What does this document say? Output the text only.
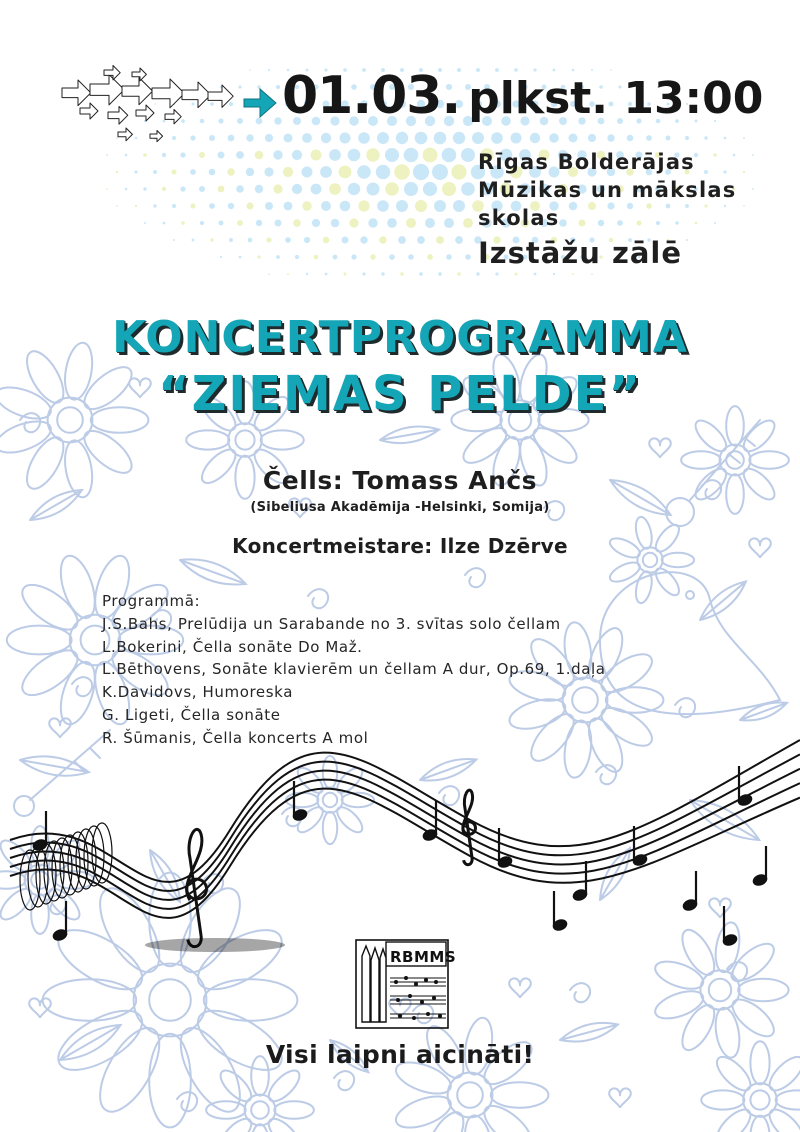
01.03. plkst. 13:00
Rīgas Bolderājas
Mūzikas un mākslas
skolas
Izstāžu zālē
KONCERTPROGRAMMA
“ZIEMAS PELDE”
Čells: Tomass Ančs
(Sibeliusa Akadēmija -Helsinki, Somija)
Koncertmeistare: Ilze Dzērve
Programmā:
J.S.Bahs, Prelūdija un Sarabande no 3. svītas solo čellam
L.Bokerini, Čella sonāte Do Maž.
L.Bēthovens, Sonāte klavierēm un čellam A dur, Op.69, 1.daļa
K.Davidovs, Humoreska
G. Ligeti, Čella sonāte
R. Šūmanis, Čella koncerts A mol
RBMMS
Visi laipni aicināti!
